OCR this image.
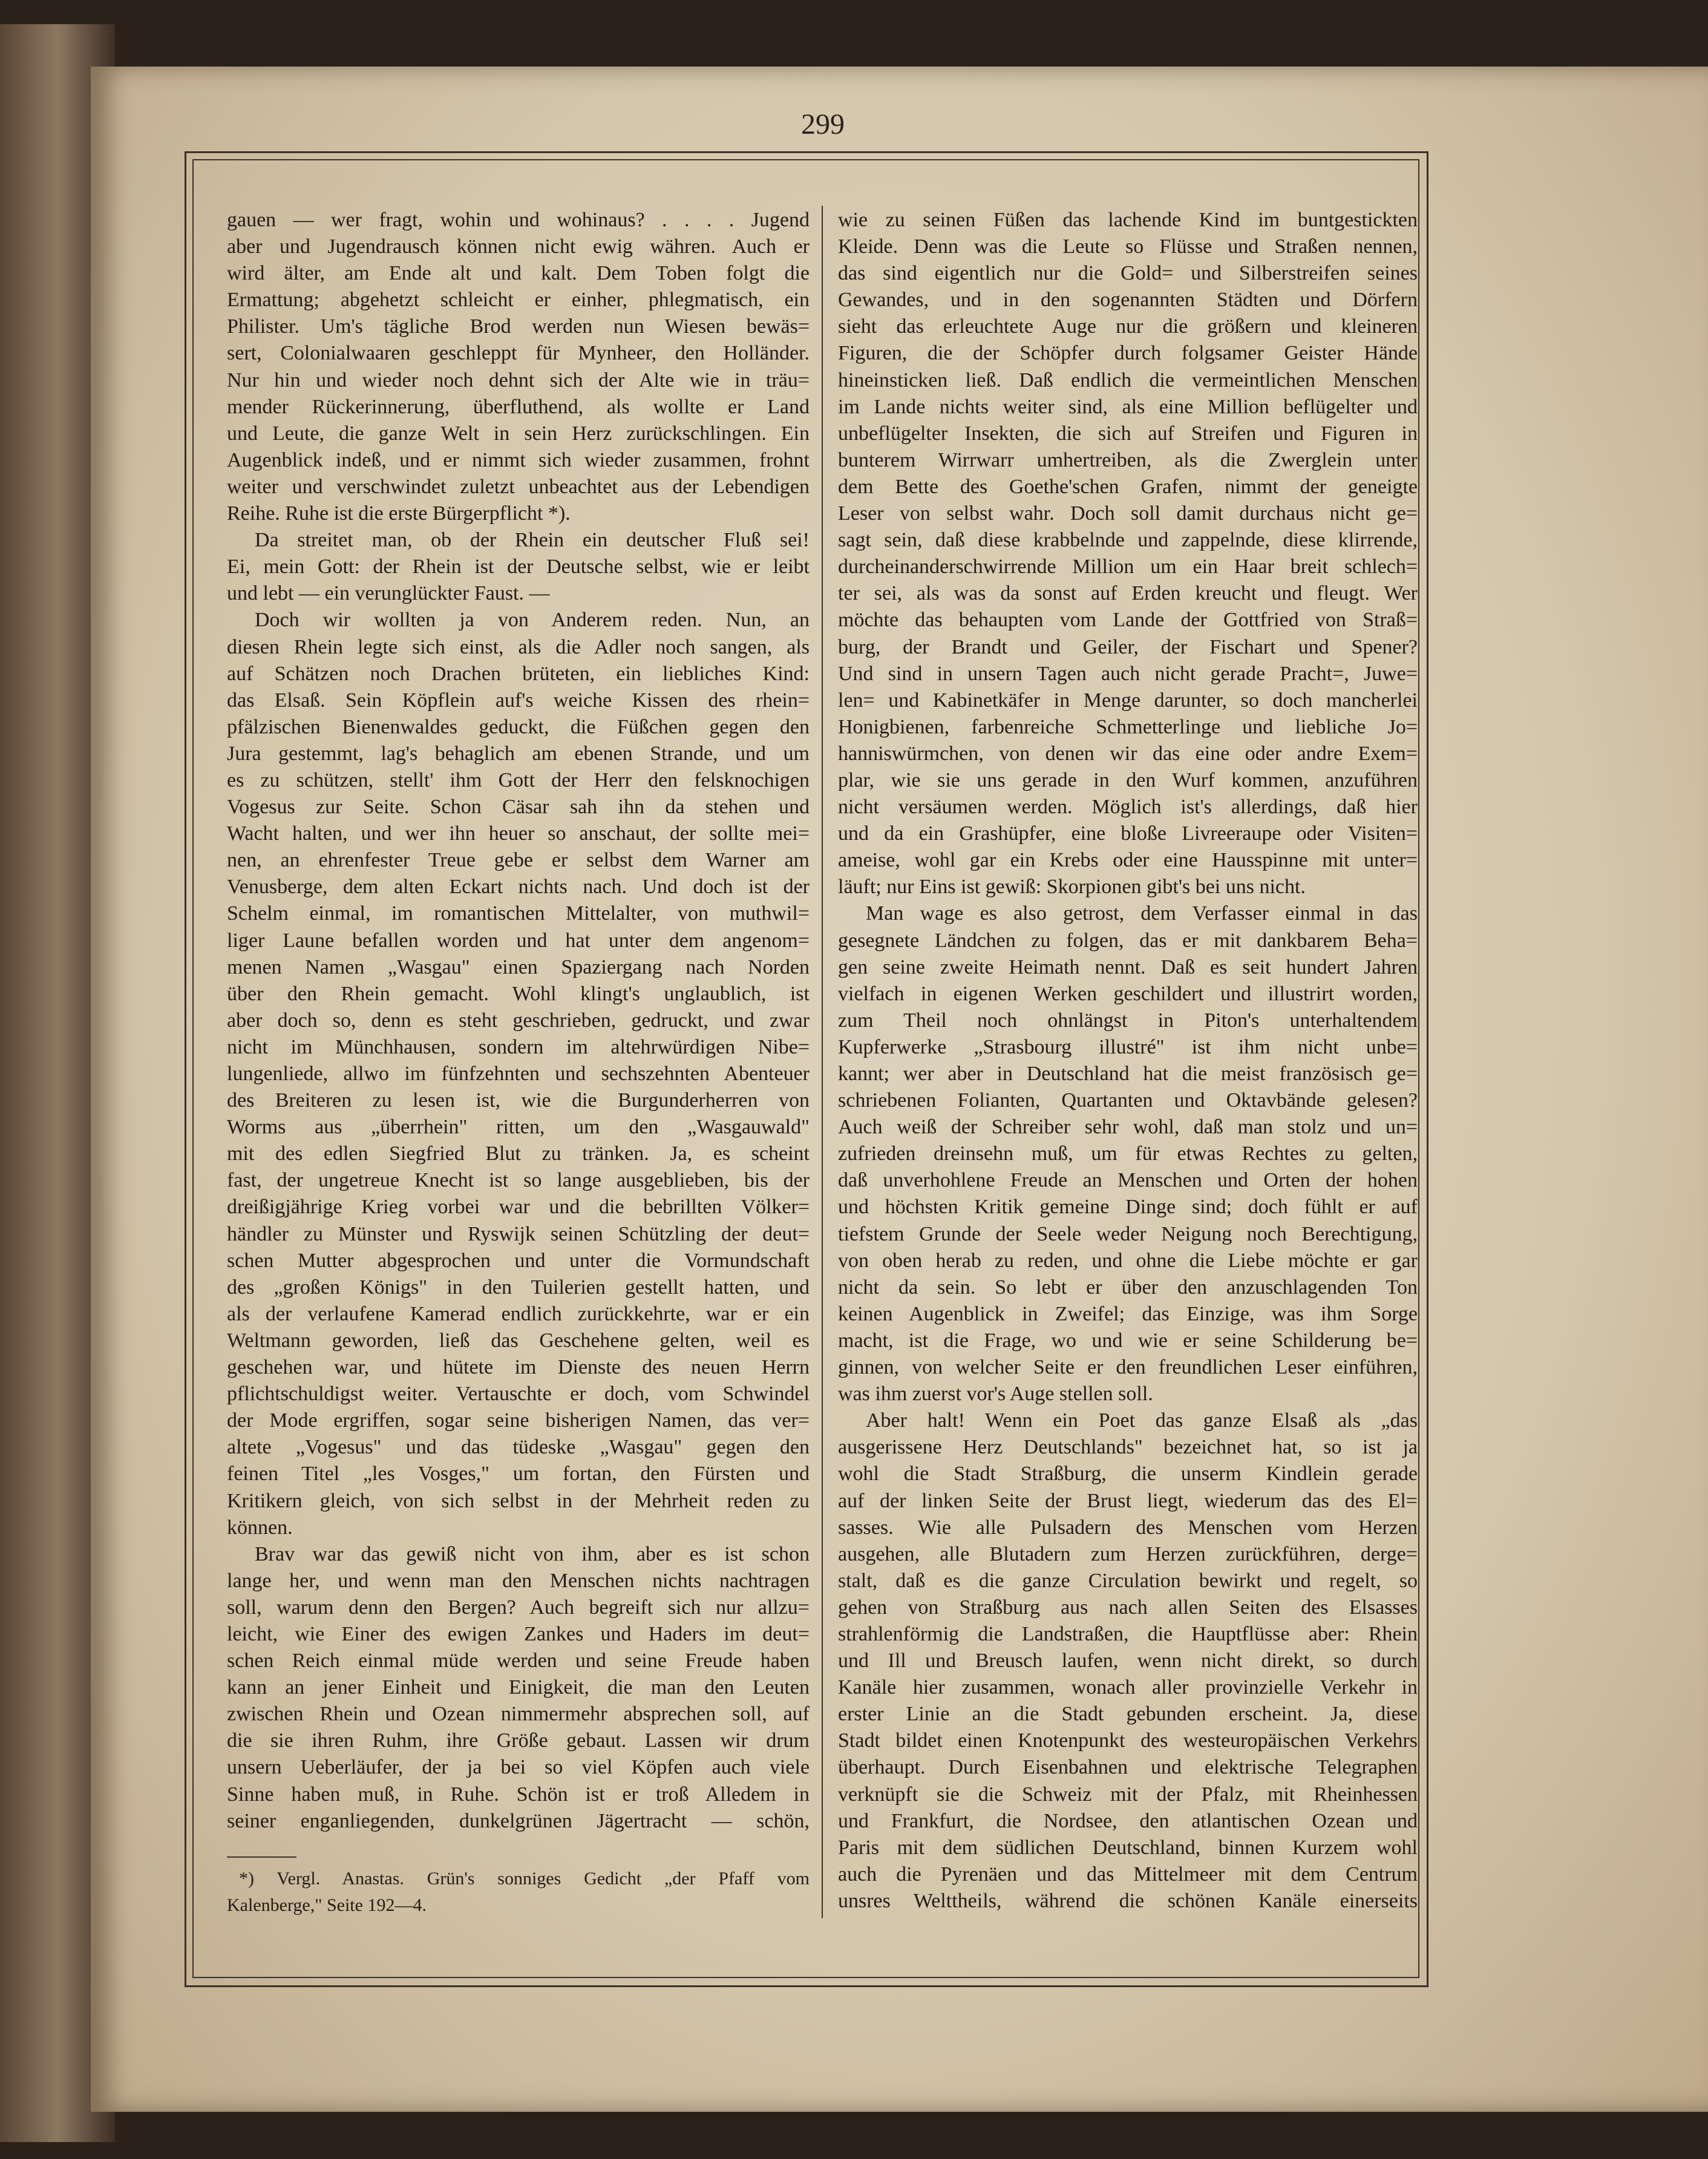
299
gauen — wer fragt, wohin und wohinaus? . . . . Jugend
aber und Jugendrausch können nicht ewig währen. Auch er
wird älter, am Ende alt und kalt. Dem Toben folgt die
Ermattung; abgehetzt schleicht er einher, phlegmatisch, ein
Philister. Um's tägliche Brod werden nun Wiesen bewäs=
sert, Colonialwaaren geschleppt für Mynheer, den Holländer.
Nur hin und wieder noch dehnt sich der Alte wie in träu=
mender Rückerinnerung, überfluthend, als wollte er Land
und Leute, die ganze Welt in sein Herz zurückschlingen. Ein
Augenblick indeß, und er nimmt sich wieder zusammen, frohnt
weiter und verschwindet zuletzt unbeachtet aus der Lebendigen
Reihe. Ruhe ist die erste Bürgerpflicht *).
Da streitet man, ob der Rhein ein deutscher Fluß sei!
Ei, mein Gott: der Rhein ist der Deutsche selbst, wie er leibt
und lebt — ein verunglückter Faust. —
Doch wir wollten ja von Anderem reden. Nun, an
diesen Rhein legte sich einst, als die Adler noch sangen, als
auf Schätzen noch Drachen brüteten, ein liebliches Kind:
das Elsaß. Sein Köpflein auf's weiche Kissen des rhein=
pfälzischen Bienenwaldes geduckt, die Füßchen gegen den
Jura gestemmt, lag's behaglich am ebenen Strande, und um
es zu schützen, stellt' ihm Gott der Herr den felsknochigen
Vogesus zur Seite. Schon Cäsar sah ihn da stehen und
Wacht halten, und wer ihn heuer so anschaut, der sollte mei=
nen, an ehrenfester Treue gebe er selbst dem Warner am
Venusberge, dem alten Eckart nichts nach. Und doch ist der
Schelm einmal, im romantischen Mittelalter, von muthwil=
liger Laune befallen worden und hat unter dem angenom=
menen Namen „Wasgau" einen Spaziergang nach Norden
über den Rhein gemacht. Wohl klingt's unglaublich, ist
aber doch so, denn es steht geschrieben, gedruckt, und zwar
nicht im Münchhausen, sondern im altehrwürdigen Nibe=
lungenliede, allwo im fünfzehnten und sechszehnten Abenteuer
des Breiteren zu lesen ist, wie die Burgunderherren von
Worms aus „überrhein" ritten, um den „Wasgauwald"
mit des edlen Siegfried Blut zu tränken. Ja, es scheint
fast, der ungetreue Knecht ist so lange ausgeblieben, bis der
dreißigjährige Krieg vorbei war und die bebrillten Völker=
händler zu Münster und Ryswijk seinen Schützling der deut=
schen Mutter abgesprochen und unter die Vormundschaft
des „großen Königs" in den Tuilerien gestellt hatten, und
als der verlaufene Kamerad endlich zurückkehrte, war er ein
Weltmann geworden, ließ das Geschehene gelten, weil es
geschehen war, und hütete im Dienste des neuen Herrn
pflichtschuldigst weiter. Vertauschte er doch, vom Schwindel
der Mode ergriffen, sogar seine bisherigen Namen, das ver=
altete „Vogesus" und das tüdeske „Wasgau" gegen den
feinen Titel „les Vosges," um fortan, den Fürsten und
Kritikern gleich, von sich selbst in der Mehrheit reden zu
können.
Brav war das gewiß nicht von ihm, aber es ist schon
lange her, und wenn man den Menschen nichts nachtragen
soll, warum denn den Bergen? Auch begreift sich nur allzu=
leicht, wie Einer des ewigen Zankes und Haders im deut=
schen Reich einmal müde werden und seine Freude haben
kann an jener Einheit und Einigkeit, die man den Leuten
zwischen Rhein und Ozean nimmermehr absprechen soll, auf
die sie ihren Ruhm, ihre Größe gebaut. Lassen wir drum
unsern Ueberläufer, der ja bei so viel Köpfen auch viele
Sinne haben muß, in Ruhe. Schön ist er troß Alledem in
seiner enganliegenden, dunkelgrünen Jägertracht — schön,
wie zu seinen Füßen das lachende Kind im buntgestickten
Kleide. Denn was die Leute so Flüsse und Straßen nennen,
das sind eigentlich nur die Gold= und Silberstreifen seines
Gewandes, und in den sogenannten Städten und Dörfern
sieht das erleuchtete Auge nur die größern und kleineren
Figuren, die der Schöpfer durch folgsamer Geister Hände
hineinsticken ließ. Daß endlich die vermeintlichen Menschen
im Lande nichts weiter sind, als eine Million beflügelter und
unbeflügelter Insekten, die sich auf Streifen und Figuren in
bunterem Wirrwarr umhertreiben, als die Zwerglein unter
dem Bette des Goethe'schen Grafen, nimmt der geneigte
Leser von selbst wahr. Doch soll damit durchaus nicht ge=
sagt sein, daß diese krabbelnde und zappelnde, diese klirrende,
durcheinanderschwirrende Million um ein Haar breit schlech=
ter sei, als was da sonst auf Erden kreucht und fleugt. Wer
möchte das behaupten vom Lande der Gottfried von Straß=
burg, der Brandt und Geiler, der Fischart und Spener?
Und sind in unsern Tagen auch nicht gerade Pracht=, Juwe=
len= und Kabinetkäfer in Menge darunter, so doch mancherlei
Honigbienen, farbenreiche Schmetterlinge und liebliche Jo=
hanniswürmchen, von denen wir das eine oder andre Exem=
plar, wie sie uns gerade in den Wurf kommen, anzuführen
nicht versäumen werden. Möglich ist's allerdings, daß hier
und da ein Grashüpfer, eine bloße Livreeraupe oder Visiten=
ameise, wohl gar ein Krebs oder eine Hausspinne mit unter=
läuft; nur Eins ist gewiß: Skorpionen gibt's bei uns nicht.
Man wage es also getrost, dem Verfasser einmal in das
gesegnete Ländchen zu folgen, das er mit dankbarem Beha=
gen seine zweite Heimath nennt. Daß es seit hundert Jahren
vielfach in eigenen Werken geschildert und illustrirt worden,
zum Theil noch ohnlängst in Piton's unterhaltendem
Kupferwerke „Strasbourg illustré" ist ihm nicht unbe=
kannt; wer aber in Deutschland hat die meist französisch ge=
schriebenen Folianten, Quartanten und Oktavbände gelesen?
Auch weiß der Schreiber sehr wohl, daß man stolz und un=
zufrieden dreinsehn muß, um für etwas Rechtes zu gelten,
daß unverhohlene Freude an Menschen und Orten der hohen
und höchsten Kritik gemeine Dinge sind; doch fühlt er auf
tiefstem Grunde der Seele weder Neigung noch Berechtigung,
von oben herab zu reden, und ohne die Liebe möchte er gar
nicht da sein. So lebt er über den anzuschlagenden Ton
keinen Augenblick in Zweifel; das Einzige, was ihm Sorge
macht, ist die Frage, wo und wie er seine Schilderung be=
ginnen, von welcher Seite er den freundlichen Leser einführen,
was ihm zuerst vor's Auge stellen soll.
Aber halt! Wenn ein Poet das ganze Elsaß als „das
ausgerissene Herz Deutschlands" bezeichnet hat, so ist ja
wohl die Stadt Straßburg, die unserm Kindlein gerade
auf der linken Seite der Brust liegt, wiederum das des El=
sasses. Wie alle Pulsadern des Menschen vom Herzen
ausgehen, alle Blutadern zum Herzen zurückführen, derge=
stalt, daß es die ganze Circulation bewirkt und regelt, so
gehen von Straßburg aus nach allen Seiten des Elsasses
strahlenförmig die Landstraßen, die Hauptflüsse aber: Rhein
und Ill und Breusch laufen, wenn nicht direkt, so durch
Kanäle hier zusammen, wonach aller provinzielle Verkehr in
erster Linie an die Stadt gebunden erscheint. Ja, diese
Stadt bildet einen Knotenpunkt des westeuropäischen Verkehrs
überhaupt. Durch Eisenbahnen und elektrische Telegraphen
verknüpft sie die Schweiz mit der Pfalz, mit Rheinhessen
und Frankfurt, die Nordsee, den atlantischen Ozean und
Paris mit dem südlichen Deutschland, binnen Kurzem wohl
auch die Pyrenäen und das Mittelmeer mit dem Centrum
unsres Welttheils, während die schönen Kanäle einerseits
*) Vergl. Anastas. Grün's sonniges Gedicht „der Pfaff vom
Kalenberge," Seite 192—4.
